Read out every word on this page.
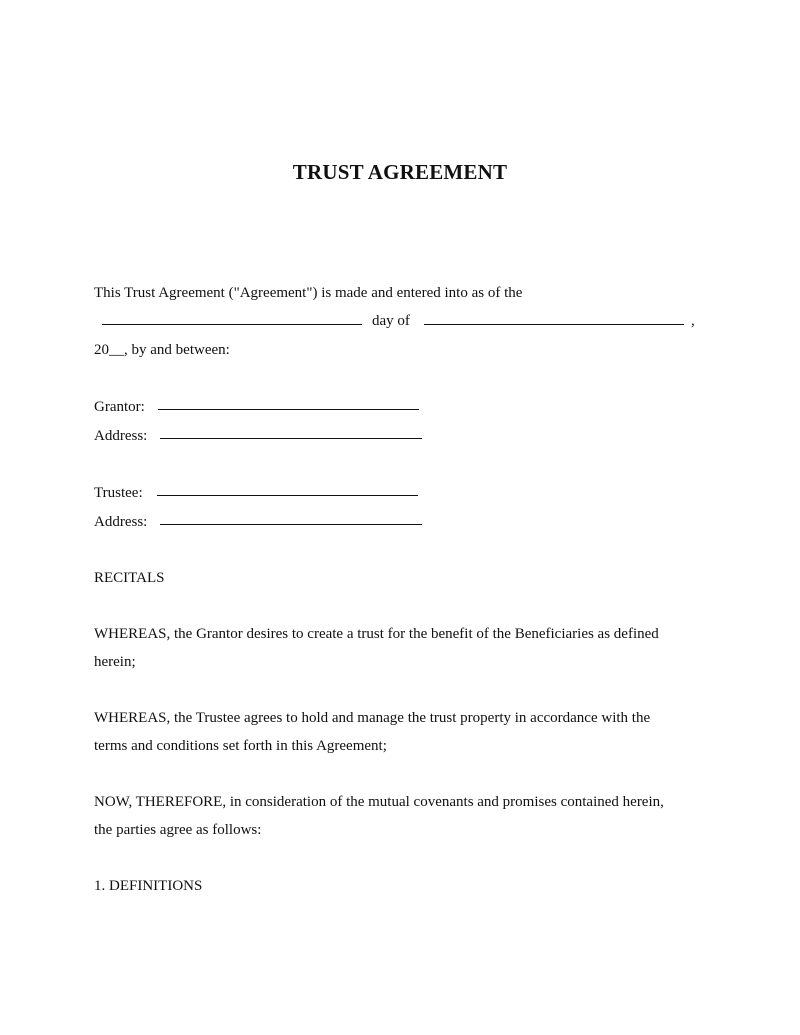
TRUST AGREEMENT
This Trust Agreement ("Agreement") is made and entered into as of the
day of	,
20__, by and between:
Grantor:
Address:
Trustee:
Address:
RECITALS
WHEREAS, the Grantor desires to create a trust for the benefit of the Beneficiaries as defined
herein;
WHEREAS, the Trustee agrees to hold and manage the trust property in accordance with the
terms and conditions set forth in this Agreement;
NOW, THEREFORE, in consideration of the mutual covenants and promises contained herein,
the parties agree as follows:
1. DEFINITIONS
